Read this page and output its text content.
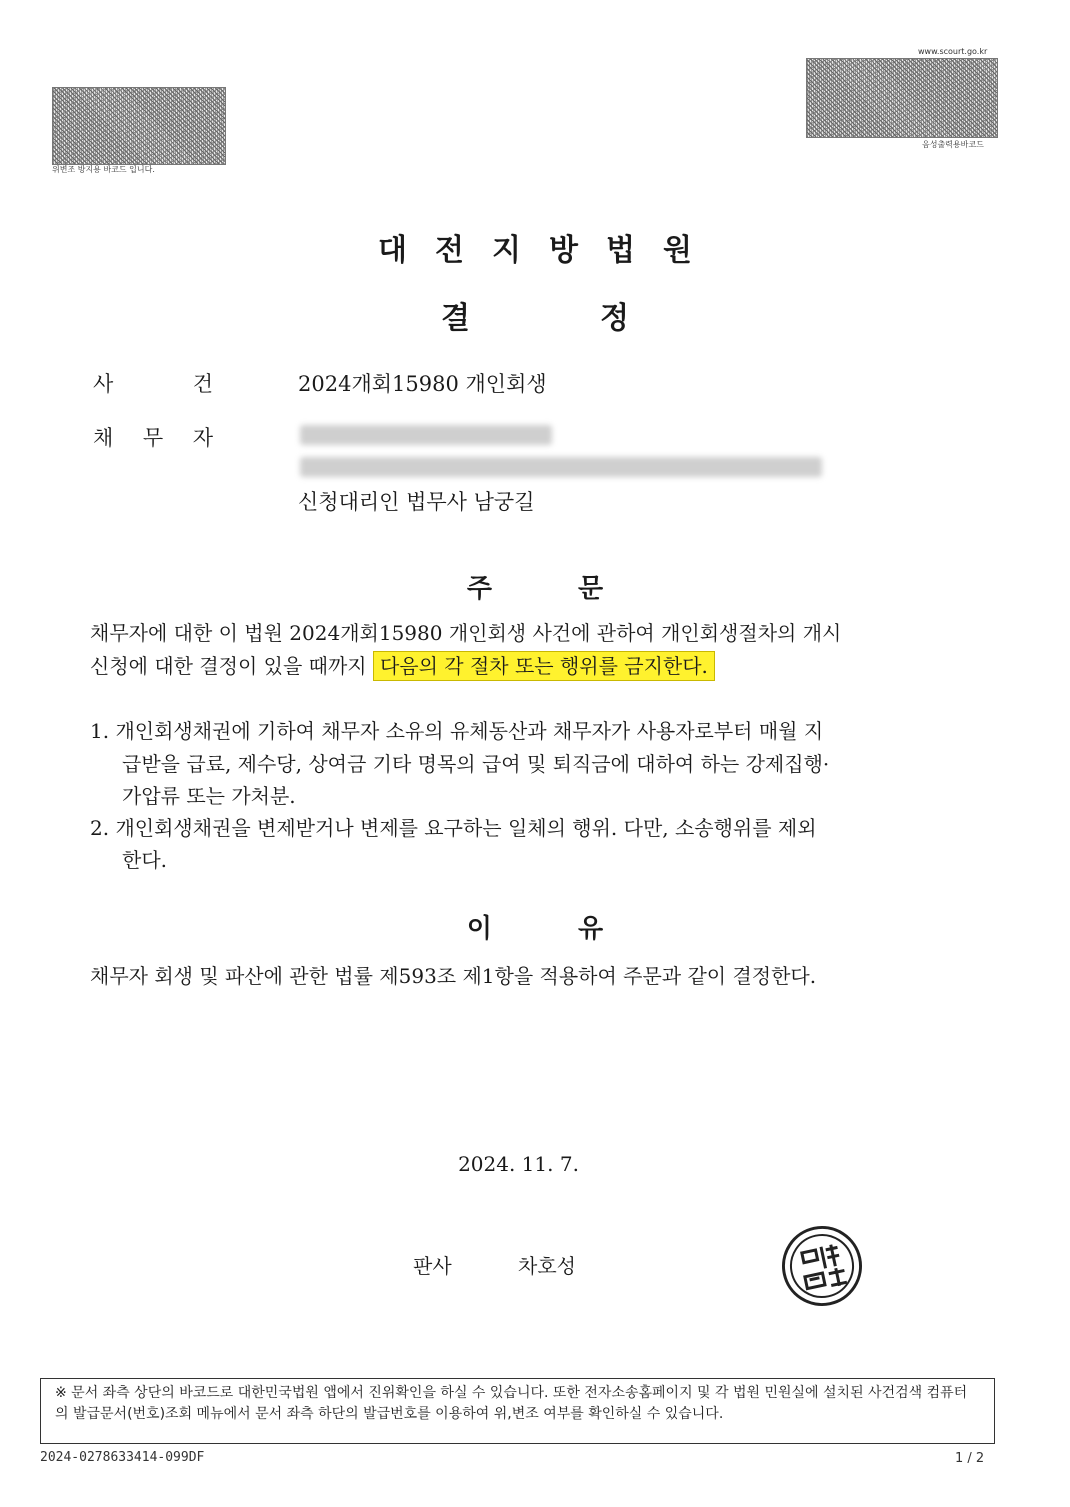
위변조 방지용 바코드 입니다.
www.scourt.go.kr
음성출력용바코드
대전지방법원
결정
사	건	2024개회15980 개인회생
채 무 자
신청대리인 법무사 남궁길
주문
채무자에 대한 이 법원 2024개회15980 개인회생 사건에 관하여 개인회생절차의 개시
신청에 대한 결정이 있을 때까지 다음의 각 절차 또는 행위를 금지한다.
1. 개인회생채권에 기하여 채무자 소유의 유체동산과 채무자가 사용자로부터 매월 지
급받을 급료, 제수당, 상여금 기타 명목의 급여 및 퇴직금에 대하여 하는 강제집행·
가압류 또는 가처분.
2. 개인회생채권을 변제받거나 변제를 요구하는 일체의 행위. 다만, 소송행위를 제외
한다.
이유
채무자 회생 및 파산에 관한 법률 제593조 제1항을 적용하여 주문과 같이 결정한다.
2024. 11. 7.
판사	차호성
※ 문서 좌측 상단의 바코드로 대한민국법원 앱에서 진위확인을 하실 수 있습니다. 또한 전자소송홈페이지 및 각 법원 민원실에 설치된 사건검색 컴퓨터의 발급문서(번호)조회 메뉴에서 문서 좌측 하단의 발급번호를 이용하여 위,변조 여부를 확인하실 수 있습니다.
2024-0278633414-099DF	1 / 2
